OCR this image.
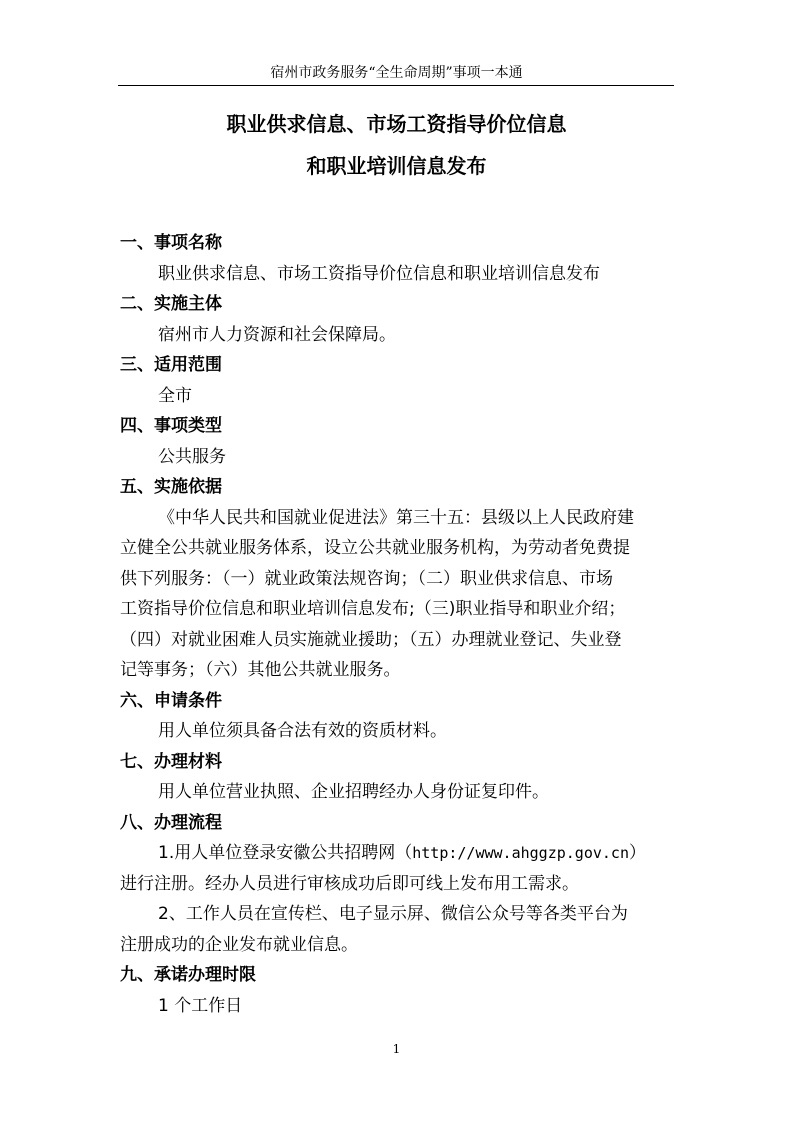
宿州市政务服务“全生命周期”事项一本通
职业供求信息、市场工资指导价位信息
和职业培训信息发布

一、事项名称

职业供求信息、市场工资指导价位信息和职业培训信息发布

二、实施主体

宿州市人力资源和社会保障局。

三、适用范围

全市

四、事项类型

公共服务

五、实施依据

《中华人民共和国就业促进法》第三十五：县级以上人民政府建

立健全公共就业服务体系，设立公共就业服务机构，为劳动者免费提

供下列服务：（一）就业政策法规咨询；（二）职业供求信息、市场

工资指导价位信息和职业培训信息发布;（三)职业指导和职业介绍；

（四）对就业困难人员实施就业援助；（五）办理就业登记、失业登

记等事务；（六）其他公共就业服务。

六、申请条件

用人单位须具备合法有效的资质材料。

七、办理材料

用人单位营业执照、企业招聘经办人身份证复印件。

八、办理流程

1.用人单位登录安徽公共招聘网（http://www.ahggzp.gov.cn）

进行注册。经办人员进行审核成功后即可线上发布用工需求。

2、工作人员在宣传栏、电子显示屏、微信公众号等各类平台为

注册成功的企业发布就业信息。

九、承诺办理时限

1 个工作日

1
